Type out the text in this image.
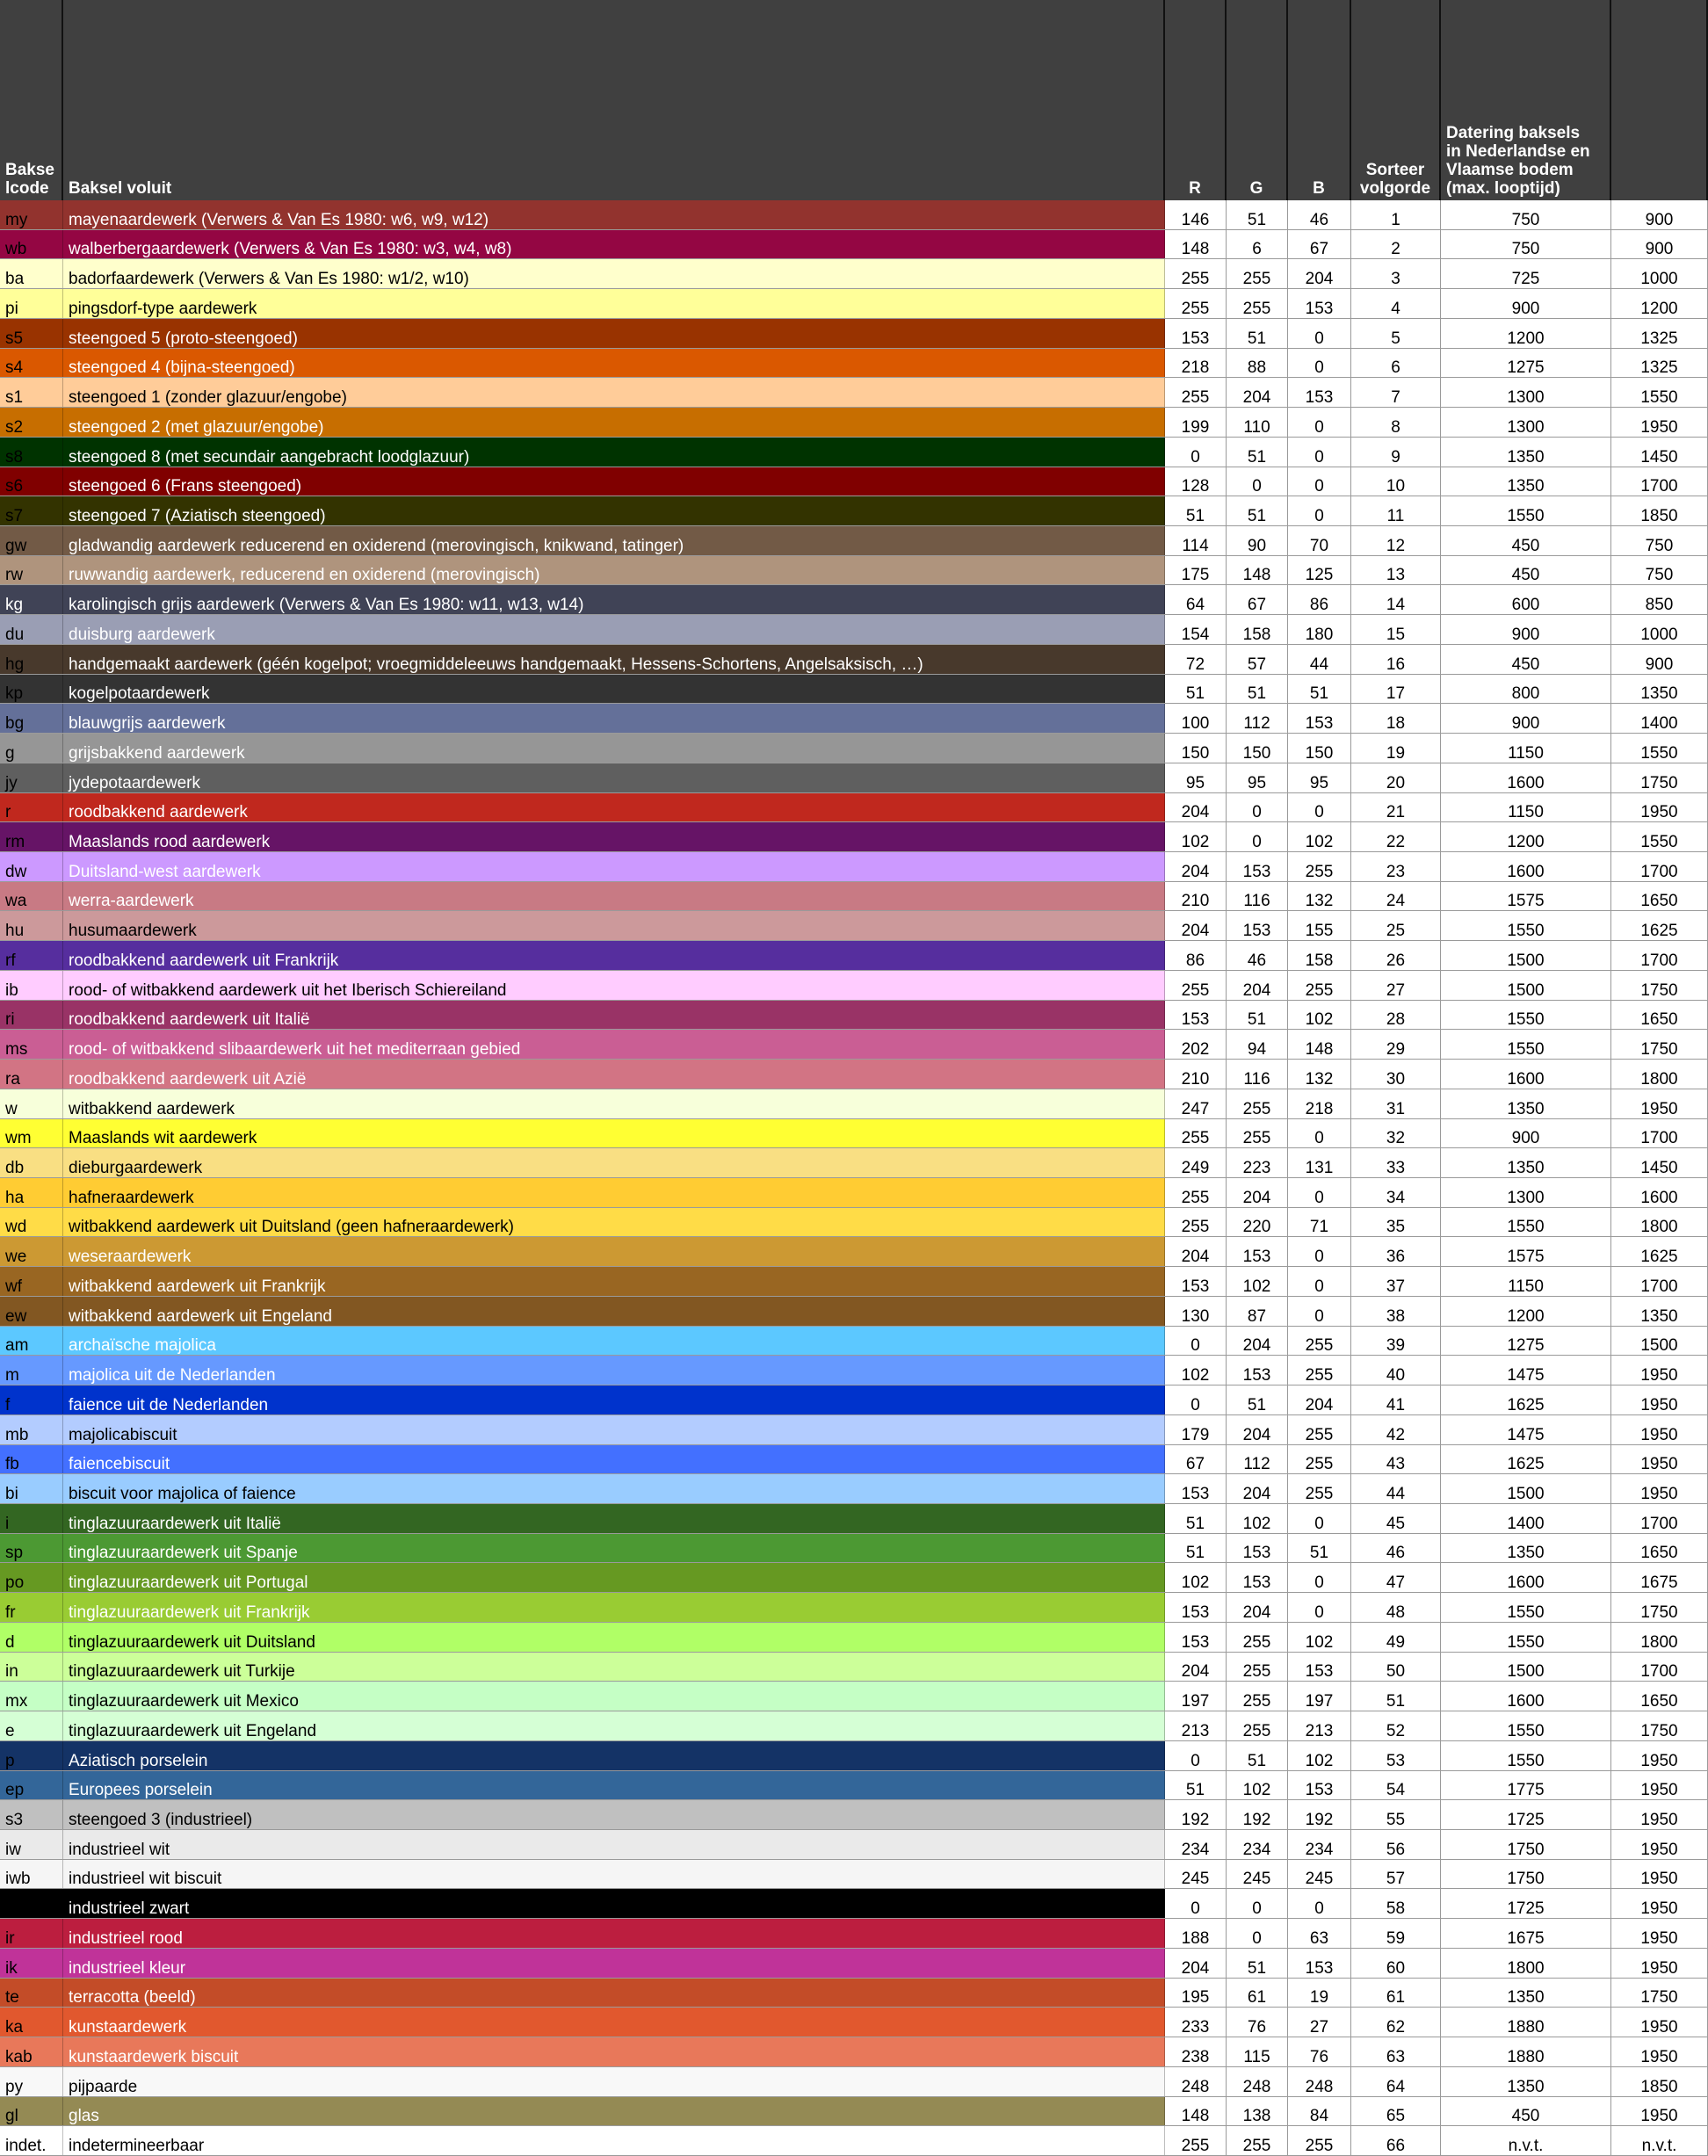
Bakse
lcode	Baksel voluit	R	G	B
Sorteer
volgorde
Datering baksels
in Nederlandse en
Vlaamse bodem
(max. looptijd)
my mayenaardewerk (Verwers & Van Es 1980: w6, w9, w12)	146	51	46	1	750	900
wb	walberbergaardewerk (Verwers & Van Es 1980: w3, w4, w8)	148	6	67	2	750	900
ba	badorfaardewerk (Verwers & Van Es 1980: w1/2, w10)	255	255	204	3	725	1000
pi	pingsdorf-type aardewerk	255	255	153	4	900	1200
s5	steengoed 5 (proto-steengoed)	153	51	0	5	1200	1325
s4	steengoed 4 (bijna-steengoed)	218	88	0	6	1275	1325
s1	steengoed 1 (zonder glazuur/engobe)	255	204	153	7	1300	1550
s2	steengoed 2 (met glazuur/engobe)	199	110	0	8	1300	1950
s8	steengoed 8 (met secundair aangebracht loodglazuur)	0	51	0	9	1350	1450
s6	steengoed 6 (Frans steengoed)	128	0	0	10	1350	1700
s7	steengoed 7 (Aziatisch steengoed)	51	51	0	11	1550	1850
gw	gladwandig aardewerk reducerend en oxiderend (merovingisch, knikwand, tatinger)	114	90	70	12	450	750
rw	ruwwandig aardewerk, reducerend en oxiderend (merovingisch)	175	148	125	13	450	750
kg	karolingisch grijs aardewerk (Verwers & Van Es 1980: w11, w13, w14)	64	67	86	14	600	850
du	duisburg aardewerk	154	158	180	15	900	1000
hg	handgemaakt aardewerk (géén kogelpot; vroegmiddeleeuws handgemaakt, Hessens-Schortens, Angelsaksisch, …)	72	57	44	16	450	900
kp	kogelpotaardewerk	51	51	51	17	800	1350
bg	blauwgrijs aardewerk	100	112	153	18	900	1400
g	grijsbakkend aardewerk	150	150	150	19	1150	1550
jy	jydepotaardewerk	95	95	95	20	1600	1750
r	roodbakkend aardewerk	204	0	0	21	1150	1950
rm	Maaslands rood aardewerk	102	0	102	22	1200	1550
dw	Duitsland-west aardewerk	204	153	255	23	1600	1700
wa	werra-aardewerk	210	116	132	24	1575	1650
hu	husumaardewerk	204	153	155	25	1550	1625
rf	roodbakkend aardewerk uit Frankrijk	86	46	158	26	1500	1700
ib	rood- of witbakkend aardewerk uit het Iberisch Schiereiland	255	204	255	27	1500	1750
ri	roodbakkend aardewerk uit Italië	153	51	102	28	1550	1650
ms rood- of witbakkend slibaardewerk uit het mediterraan gebied	202	94	148	29	1550	1750
ra	roodbakkend aardewerk uit Azië	210	116	132	30	1600	1800
w	witbakkend aardewerk	247	255	218	31	1350	1950
wm Maaslands wit aardewerk	255	255	0	32	900	1700
db	dieburgaardewerk	249	223	131	33	1350	1450
ha	hafneraardewerk	255	204	0	34	1300	1600
wd	witbakkend aardewerk uit Duitsland (geen hafneraardewerk)	255	220	71	35	1550	1800
we	weseraardewerk	204	153	0	36	1575	1625
wf	witbakkend aardewerk uit Frankrijk	153	102	0	37	1150	1700
ew	witbakkend aardewerk uit Engeland	130	87	0	38	1200	1350
am archaïsche majolica	0	204	255	39	1275	1500
m	majolica uit de Nederlanden	102	153	255	40	1475	1950
f	faience uit de Nederlanden	0	51	204	41	1625	1950
mb majolicabiscuit	179	204	255	42	1475	1950
fb	faiencebiscuit	67	112	255	43	1625	1950
bi	biscuit voor majolica of faience	153	204	255	44	1500	1950
i	tinglazuuraardewerk uit Italië	51	102	0	45	1400	1700
sp	tinglazuuraardewerk uit Spanje	51	153	51	46	1350	1650
po	tinglazuuraardewerk uit Portugal	102	153	0	47	1600	1675
fr	tinglazuuraardewerk uit Frankrijk	153	204	0	48	1550	1750
d	tinglazuuraardewerk uit Duitsland	153	255	102	49	1550	1800
in	tinglazuuraardewerk uit Turkije	204	255	153	50	1500	1700
mx tinglazuuraardewerk uit Mexico	197	255	197	51	1600	1650
e	tinglazuuraardewerk uit Engeland	213	255	213	52	1550	1750
p	Aziatisch porselein	0	51	102	53	1550	1950
ep	Europees porselein	51	102	153	54	1775	1950
s3	steengoed 3 (industrieel)	192	192	192	55	1725	1950
iw	industrieel wit	234	234	234	56	1750	1950
iwb industrieel wit biscuit	245	245	245	57	1750	1950
iz	industrieel zwart	0	0	0	58	1725	1950
ir	industrieel rood	188	0	63	59	1675	1950
ik	industrieel kleur	204	51	153	60	1800	1950
te	terracotta (beeld)	195	61	19	61	1350	1750
ka	kunstaardewerk	233	76	27	62	1880	1950
kab kunstaardewerk biscuit	238	115	76	63	1880	1950
py	pijpaarde	248	248	248	64	1350	1850
gl	glas	148	138	84	65	450	1950
indet. indetermineerbaar	255	255	255	66	n.v.t.	n.v.t.
